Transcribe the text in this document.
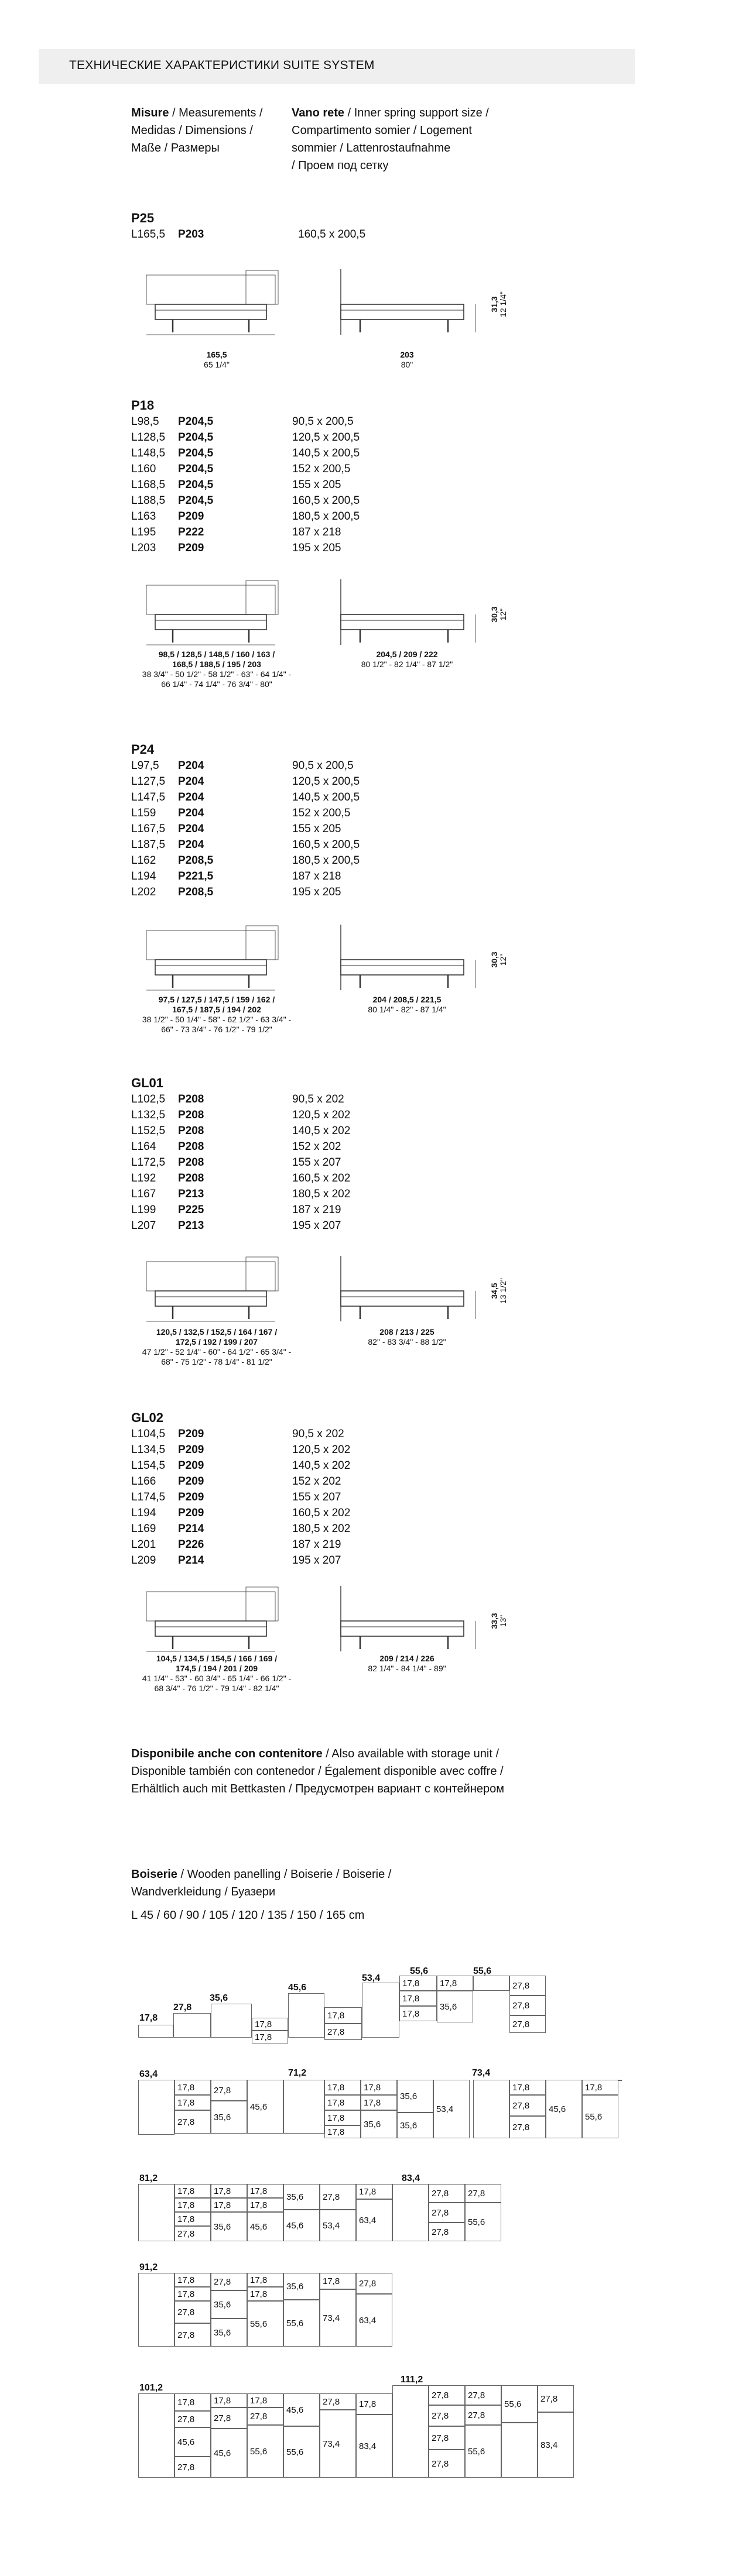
ТЕХНИЧЕСКИЕ ХАРАКТЕРИСТИКИ SUITE SYSTEM
Misure / Measurements /
Medidas / Dimensions /
Maße / Размеры
Vano rete / Inner spring support size /
Compartimento somier / Logement
sommier / Lattenrostaufnahme
/ Проем под сетку
P25
L165,5 P203	160,5 x 200,5
165,5
65 1/4"
203
80"
31,3 12 1/4"
P18
L98,5 P204,5	90,5 x 200,5
L128,5 P204,5	120,5 x 200,5
L148,5 P204,5	140,5 x 200,5
L160 P204,5	152 x 200,5
L168,5 P204,5	155 x 205
L188,5 P204,5	160,5 x 200,5
L163 P209	180,5 x 200,5
L195 P222	187 x 218
L203 P209	195 x 205
98,5 / 128,5 / 148,5 / 160 / 163 /
168,5 / 188,5 / 195 / 203
38 3/4" - 50 1/2" - 58 1/2" - 63" - 64 1/4" -
66 1/4" - 74 1/4" - 76 3/4" - 80"
204,5 / 209 / 222
80 1/2" - 82 1/4" - 87 1/2"
30,3 12"
P24
L97,5 P204	90,5 x 200,5
L127,5 P204	120,5 x 200,5
L147,5 P204	140,5 x 200,5
L159 P204	152 x 200,5
L167,5 P204	155 x 205
L187,5 P204	160,5 x 200,5
L162 P208,5	180,5 x 200,5
L194 P221,5	187 x 218
L202 P208,5	195 x 205
97,5 / 127,5 / 147,5 / 159 / 162 /
167,5 / 187,5 / 194 / 202
38 1/2" - 50 1/4" - 58" - 62 1/2" - 63 3/4" -
66" - 73 3/4" - 76 1/2" - 79 1/2"
204 / 208,5 / 221,5
80 1/4" - 82" - 87 1/4"
30,3 12"
GL01
L102,5 P208	90,5 x 202
L132,5 P208	120,5 x 202
L152,5 P208	140,5 x 202
L164 P208	152 x 202
L172,5 P208	155 x 207
L192 P208	160,5 x 202
L167 P213	180,5 x 202
L199 P225	187 x 219
L207 P213	195 x 207
120,5 / 132,5 / 152,5 / 164 / 167 /
172,5 / 192 / 199 / 207
47 1/2" - 52 1/4" - 60" - 64 1/2" - 65 3/4" -
68" - 75 1/2" - 78 1/4" - 81 1/2"
208 / 213 / 225
82" - 83 3/4" - 88 1/2"
34,5 13 1/2"
GL02
L104,5 P209	90,5 x 202
L134,5 P209	120,5 x 202
L154,5 P209	140,5 x 202
L166 P209	152 x 202
L174,5 P209	155 x 207
L194 P209	160,5 x 202
L169 P214	180,5 x 202
L201 P226	187 x 219
L209 P214	195 x 207
104,5 / 134,5 / 154,5 / 166 / 169 /
174,5 / 194 / 201 / 209
41 1/4" - 53" - 60 3/4" - 65 1/4" - 66 1/2" -
68 3/4" - 76 1/2" - 79 1/4" - 82 1/4"
209 / 214 / 226
82 1/4" - 84 1/4" - 89"
33,3 13"
Disponibile anche con contenitore / Also available with storage unit /
Disponible también con contenedor / Également disponible avec coffre /
Erhältlich auch mit Bettkasten / Предусмотрен вариант с контейнером
Boiserie / Wooden panelling / Boiserie / Boiserie /
Wandverkleidung / Буазери
L 45 / 60 / 90 / 105 / 120 / 135 / 150 / 165 cm
17,8
27,8
35,6
45,6
17,8
17,8
53,4
17,8
27,8
55,6
17,8
17,8
17,8
17,8
35,6
55,6
27,8
27,8
27,8
63,4
17,8
17,8
27,8
27,8
35,6
45,6
71,2
17,8
17,8
17,8
17,8
17,8
17,8
35,6
35,6
35,6
73,4
53,4
17,8
27,8
27,8
45,6
17,8
55,6
81,2
17,8
17,8
17,8
27,8
17,8
17,8
35,6
17,8
17,8
45,6
35,6
45,6
27,8
53,4
17,8
63,4
83,4
27,8
27,8
27,8
27,8
55,6
91,2
17,8
17,8
27,8
27,8
27,8
35,6
35,6
17,8
17,8
55,6
35,6
55,6
17,8
73,4
27,8
63,4
101,2
17,8
27,8
45,6
27,8
17,8
27,8
45,6
17,8
27,8
55,6
45,6
55,6
27,8
73,4
17,8
83,4
111,2
27,8
27,8
27,8
27,8
27,8
27,8
55,6
55,6
27,8
83,4
